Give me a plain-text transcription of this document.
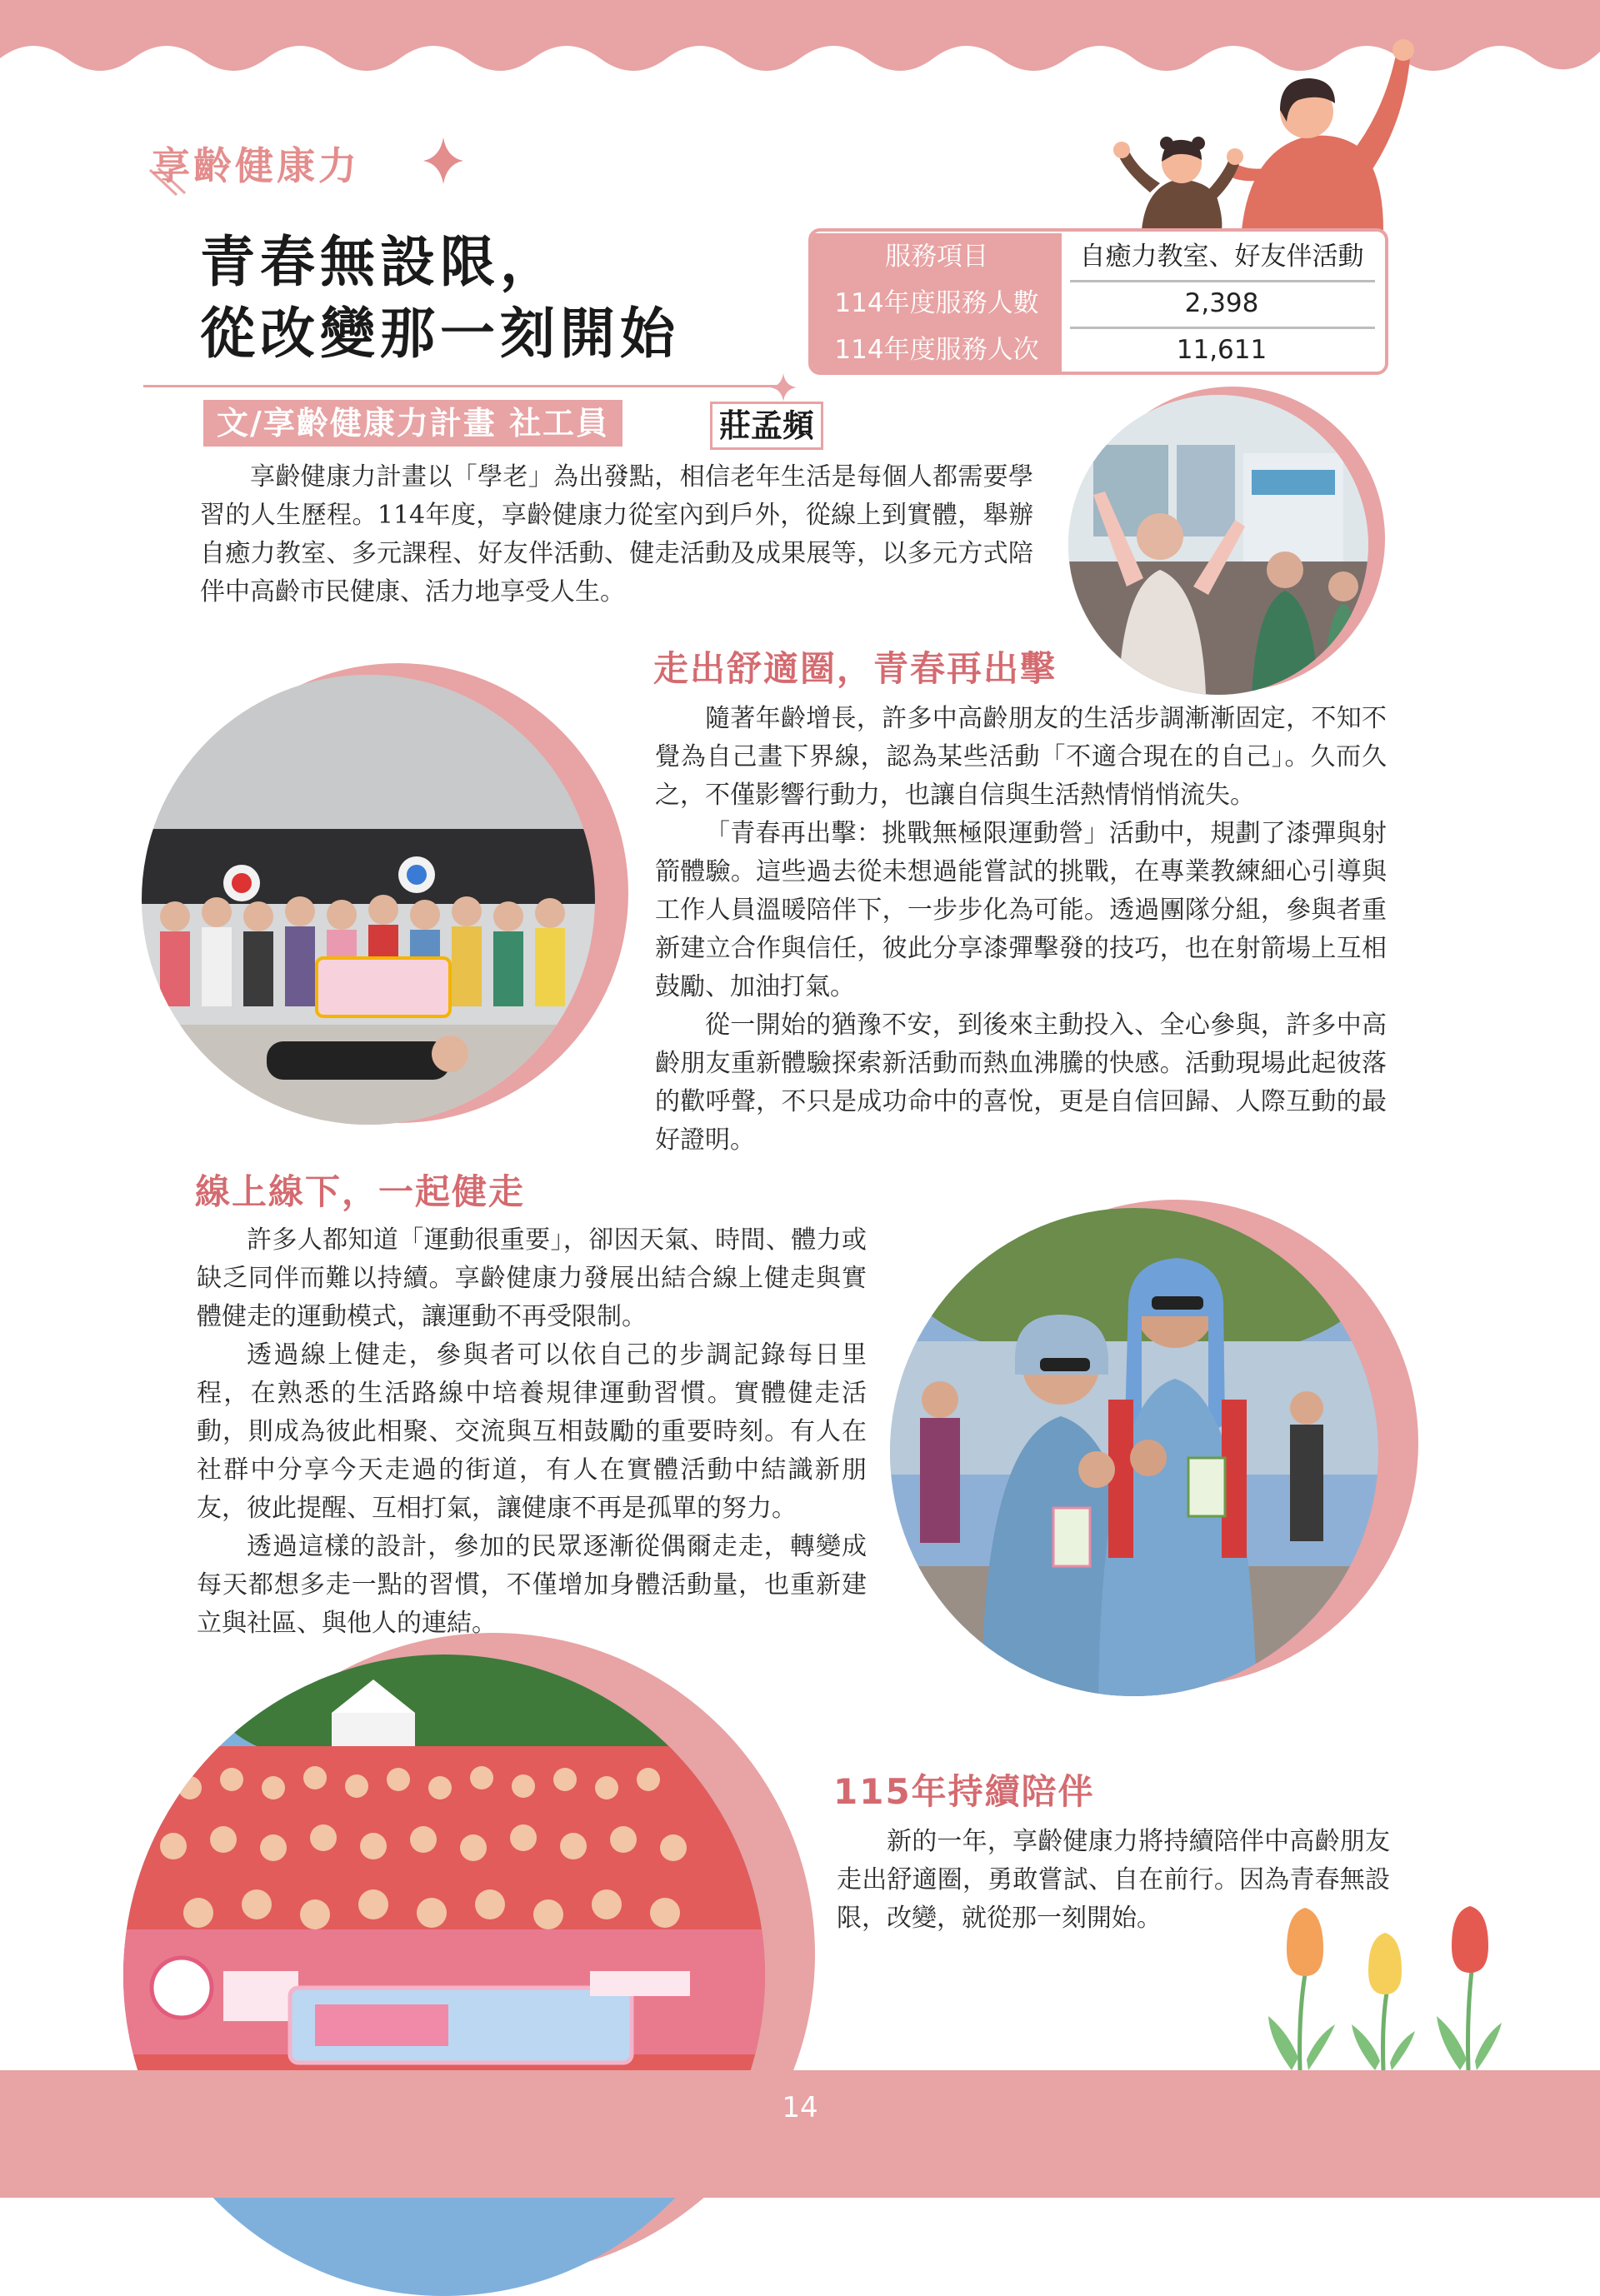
享齡健康力
青春無設限，
從改變那一刻開始
服務項目	自癒力教室、好友伴活動
114年度服務人數	2,398
114年度服務人次	11,611
文/享齡健康力計畫 社工員	莊孟頻

享齡健康力計畫以「學老」為出發點，相信老年生活是每個人都需要學習的人生歷程。114年度，享齡健康力從室內到戶外，從線上到實體，舉辦自癒力教室、多元課程、好友伴活動、健走活動及成果展等，以多元方式陪伴中高齡市民健康、活力地享受人生。

走出舒適圈，青春再出擊

隨著年齡增長，許多中高齡朋友的生活步調漸漸固定，不知不覺為自己畫下界線，認為某些活動「不適合現在的自己」。久而久之，不僅影響行動力，也讓自信與生活熱情悄悄流失。

「青春再出擊：挑戰無極限運動營」活動中，規劃了漆彈與射箭體驗。這些過去從未想過能嘗試的挑戰，在專業教練細心引導與工作人員溫暖陪伴下，一步步化為可能。透過團隊分組，參與者重新建立合作與信任，彼此分享漆彈擊發的技巧，也在射箭場上互相鼓勵、加油打氣。

從一開始的猶豫不安，到後來主動投入、全心參與，許多中高齡朋友重新體驗探索新活動而熱血沸騰的快感。活動現場此起彼落的歡呼聲，不只是成功命中的喜悅，更是自信回歸、人際互動的最好證明。

線上線下，一起健走

許多人都知道「運動很重要」，卻因天氣、時間、體力或缺乏同伴而難以持續。享齡健康力發展出結合線上健走與實體健走的運動模式，讓運動不再受限制。

透過線上健走，參與者可以依自己的步調記錄每日里程，在熟悉的生活路線中培養規律運動習慣。實體健走活動，則成為彼此相聚、交流與互相鼓勵的重要時刻。有人在社群中分享今天走過的街道，有人在實體活動中結識新朋友，彼此提醒、互相打氣，讓健康不再是孤單的努力。

透過這樣的設計，參加的民眾逐漸從偶爾走走，轉變成每天都想多走一點的習慣，不僅增加身體活動量，也重新建立與社區、與他人的連結。

115年持續陪伴

新的一年，享齡健康力將持續陪伴中高齡朋友走出舒適圈，勇敢嘗試、自在前行。因為青春無設限，改變，就從那一刻開始。

14
